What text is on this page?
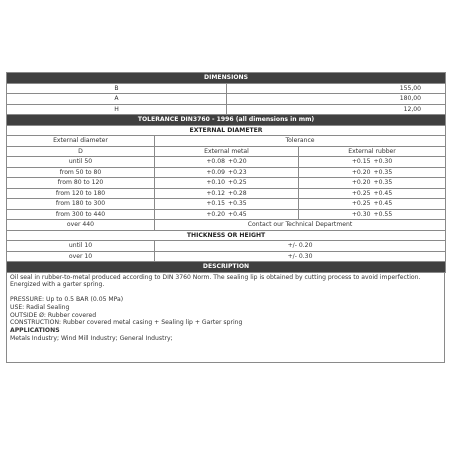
DIMENSIONS			
B		155,00	
A		180,00	
H		12,00	
TOLERANCE DIN3760 - 1996 (all dimensions in mm)			
EXTERNAL DIAMETER			
External diameter	Tolerance		
D	External metal		External rubber
until 50	+0.08 +0.20		+0.15 +0.30
from 50 to 80	+0.09 +0.23		+0.20 +0.35
from 80 to 120	+0.10 +0.25		+0.20 +0.35
from 120 to 180	+0.12 +0.28		+0.25 +0.45
from 180 to 300	+0.15 +0.35		+0.25 +0.45
from 300 to 440	+0.20 +0.45		+0.30 +0.55
over 440	Contact our Technical Department		
THICKNESS OR HEIGHT			
until 10	+/- 0.20		
over 10	+/- 0.30		
DESCRIPTION			

Oil seal in rubber-to-metal produced according to DIN 3760 Norm. The sealing lip is obtained by cutting process to avoid imperfection. Energized with a garter spring.

PRESSURE: Up to 0.5 BAR (0.05 MPa)

USE: Radial Sealing

OUTSIDE Ø: Rubber covered

CONSTRUCTION: Rubber covered metal casing + Sealing lip + Garter spring

APPLICATIONS

Metals Industry; Wind Mill Industry; General Industry;
